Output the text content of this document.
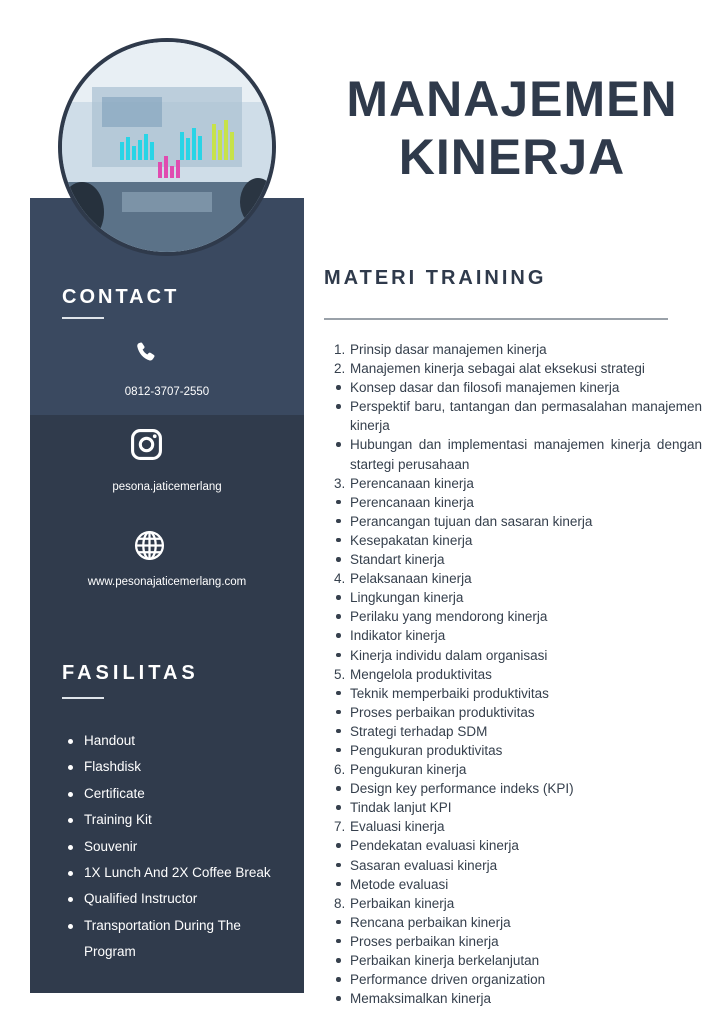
MANAJEMEN
KINERJA
CONTACT
0812-3707-2550
pesona.jaticemerlang
www.pesonajaticemerlang.com
FASILITAS
Handout
Flashdisk
Certificate
Training Kit
Souvenir
1X Lunch And 2X Coffee Break
Qualified Instructor
Transportation During The Program
MATERI TRAINING
1. Prinsip dasar manajemen kinerja
2. Manajemen kinerja sebagai alat eksekusi strategi
Konsep dasar dan filosofi manajemen kinerja
Perspektif baru, tantangan dan permasalahan manajemen kinerja
Hubungan dan implementasi manajemen kinerja dengan startegi perusahaan
3. Perencanaan kinerja
Perencanaan kinerja
Perancangan tujuan dan sasaran kinerja
Kesepakatan kinerja
Standart kinerja
4. Pelaksanaan kinerja
Lingkungan kinerja
Perilaku yang mendorong kinerja
Indikator kinerja
Kinerja individu dalam organisasi
5. Mengelola produktivitas
Teknik memperbaiki produktivitas
Proses perbaikan produktivitas
Strategi terhadap SDM
Pengukuran produktivitas
6. Pengukuran kinerja
Design key performance indeks (KPI)
Tindak lanjut KPI
7. Evaluasi kinerja
Pendekatan evaluasi kinerja
Sasaran evaluasi kinerja
Metode evaluasi
8. Perbaikan kinerja
Rencana perbaikan kinerja
Proses perbaikan kinerja
Perbaikan kinerja berkelanjutan
Performance driven organization
Memaksimalkan kinerja
